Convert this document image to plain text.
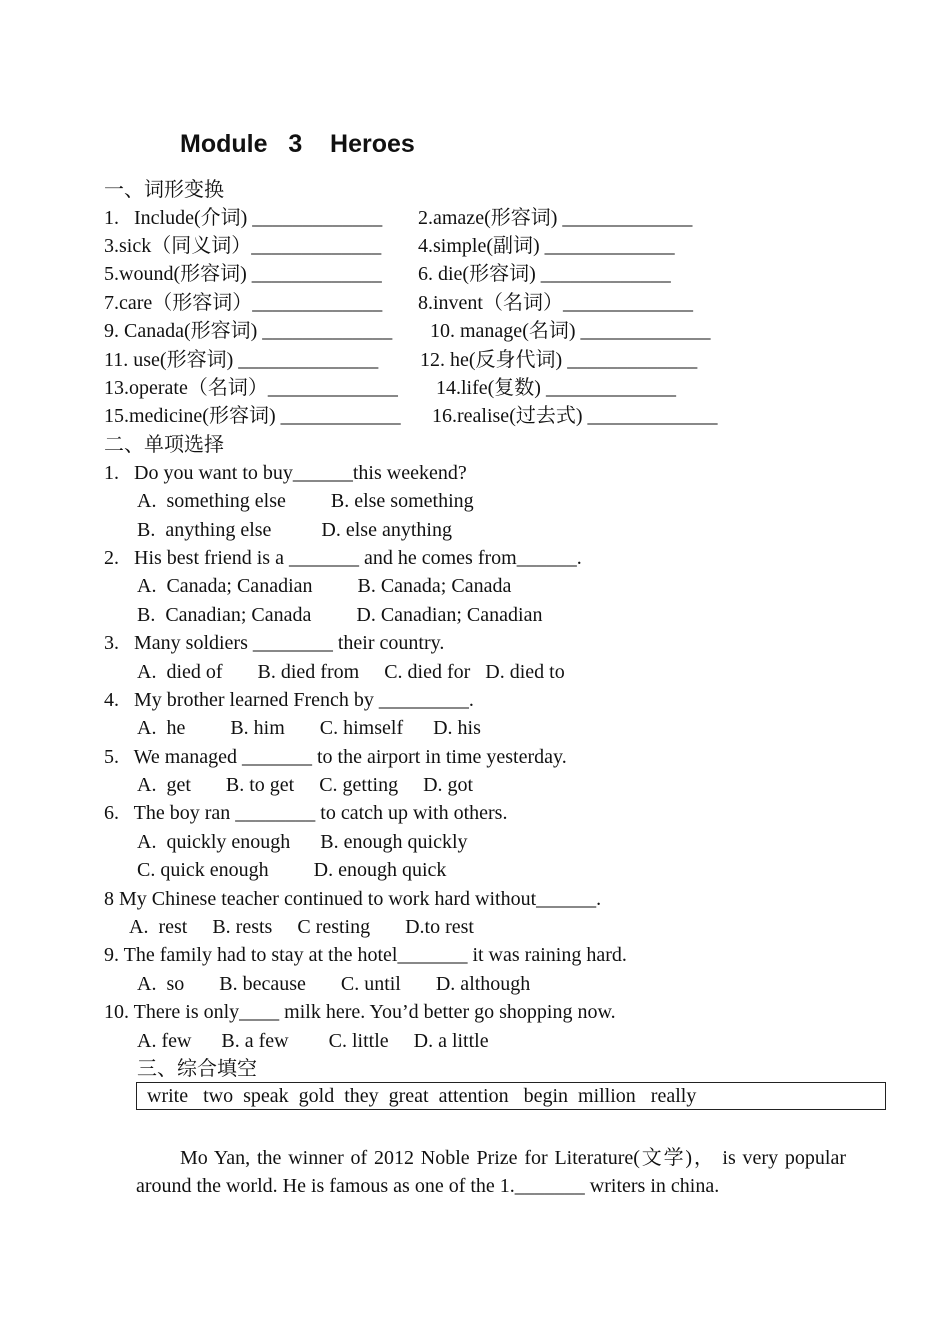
Module   3    Heroes
一、词形变换
1.   Include(介词) _____________ 2.amaze(形容词) _____________
3.sick（同义词）_____________ 4.simple(副词) _____________
5.wound(形容词) _____________ 6. die(形容词) _____________
7.care（形容词）_____________ 8.invent（名词）_____________
9. Canada(形容词) _____________ 10. manage(名词) _____________
11. use(形容词) ______________ 12. he(反身代词) _____________
13.operate（名词）_____________ 14.life(复数) _____________
15.medicine(形容词) ____________ 16.realise(过去式) _____________
二、单项选择
1.   Do you want to buy______this weekend?
A.  something else         B. else something
B.  anything else          D. else anything
2.   His best friend is a _______ and he comes from______.
A.  Canada; Canadian         B. Canada; Canada
B.  Canadian; Canada         D. Canadian; Canadian
3.   Many soldiers ________ their country.
A.  died of       B. died from     C. died for   D. died to
4.   My brother learned French by _________.
A.  he         B. him       C. himself      D. his
5.   We managed _______ to the airport in time yesterday.
A.  get       B. to get     C. getting     D. got
6.   The boy ran ________ to catch up with others.
A.  quickly enough      B. enough quickly
C. quick enough         D. enough quick
8 My Chinese teacher continued to work hard without______.
A.  rest     B. rests     C resting       D.to rest
9. The family had to stay at the hotel_______ it was raining hard.
A.  so       B. because       C. until       D. although
10. There is only____ milk here. You’d better go shopping now.
A. few      B. a few        C. little     D. a little
三、综合填空
write   two  speak  gold  they  great  attention   begin  million   really
Mo Yan, the winner of 2012 Noble Prize for Literature(文学)， is very popular around the world. He is famous as one of the 1._______ writers in china.
